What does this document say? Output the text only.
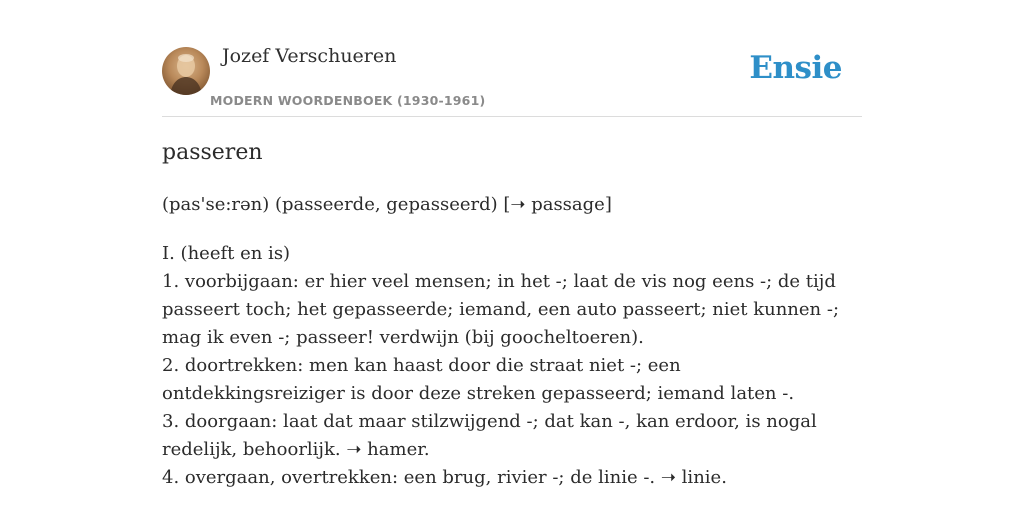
Jozef Verschueren
MODERN WOORDENBOEK (1930-1961)
Ensie
passeren
(pas'se:rən) (passeerde, gepasseerd) [➝ passage]

I. (heeft en is)

1. voorbijgaan: er hier veel mensen; in het -; laat de vis nog eens -; de tijd passeert toch; het gepasseerde; iemand, een auto passeert; niet kunnen -; mag ik even -; passeer! verdwijn (bij goocheltoeren).

2. doortrekken: men kan haast door die straat niet -; een ontdekkingsreiziger is door deze streken gepasseerd; iemand laten -.

3. doorgaan: laat dat maar stilzwijgend -; dat kan -, kan erdoor, is nogal redelijk, behoorlijk. ➝ hamer.

4. overgaan, overtrekken: een brug, rivier -; de linie -. ➝ linie.
